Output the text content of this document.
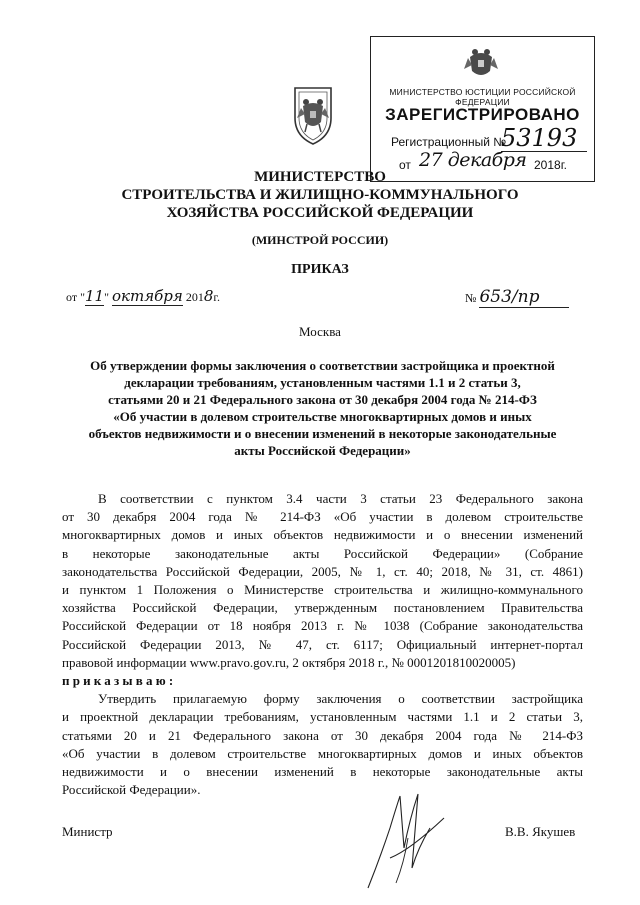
МИНИСТЕРСТВО ЮСТИЦИИ РОССИЙСКОЙ ФЕДЕРАЦИИ
ЗАРЕГИСТРИРОВАНО
Регистрационный №
53193
от 27 декабря 2018г.
МИНИСТЕРСТВО
СТРОИТЕЛЬСТВА И ЖИЛИЩНО-КОММУНАЛЬНОГО
ХОЗЯЙСТВА РОССИЙСКОЙ ФЕДЕРАЦИИ
(МИНСТРОЙ РОССИИ)
ПРИКАЗ
от "11" октября 2018г.	№ 653/пр
Москва
Об утверждении формы заключения о соответствии застройщика и проектной
декларации требованиям, установленным частями 1.1 и 2 статьи 3,
статьями 20 и 21 Федерального закона от 30 декабря 2004 года № 214-ФЗ
«Об участии в долевом строительстве многоквартирных домов и иных
объектов недвижимости и о внесении изменений в некоторые законодательные
акты Российской Федерации»
В соответствии с пунктом 3.4 части 3 статьи 23 Федерального закона
от 30 декабря 2004 года № 214-ФЗ «Об участии в долевом строительстве
многоквартирных домов и иных объектов недвижимости и о внесении изменений
в некоторые законодательные акты Российской Федерации» (Собрание
законодательства Российской Федерации, 2005, № 1, ст. 40; 2018, № 31, ст. 4861)
и пунктом 1 Положения о Министерстве строительства и жилищно-коммунального
хозяйства Российской Федерации, утвержденным постановлением Правительства
Российской Федерации от 18 ноября 2013 г. № 1038 (Собрание законодательства
Российской Федерации 2013, № 47, ст. 6117; Официальный интернет-портал
правовой информации www.pravo.gov.ru, 2 октября 2018 г., № 0001201810020005)
приказываю:
Утвердить прилагаемую форму заключения о соответствии застройщика
и проектной декларации требованиям, установленным частями 1.1 и 2 статьи 3,
статьями 20 и 21 Федерального закона от 30 декабря 2004 года № 214-ФЗ
«Об участии в долевом строительстве многоквартирных домов и иных объектов
недвижимости и о внесении изменений в некоторые законодательные акты
Российской Федерации».
Министр	В.В. Якушев
